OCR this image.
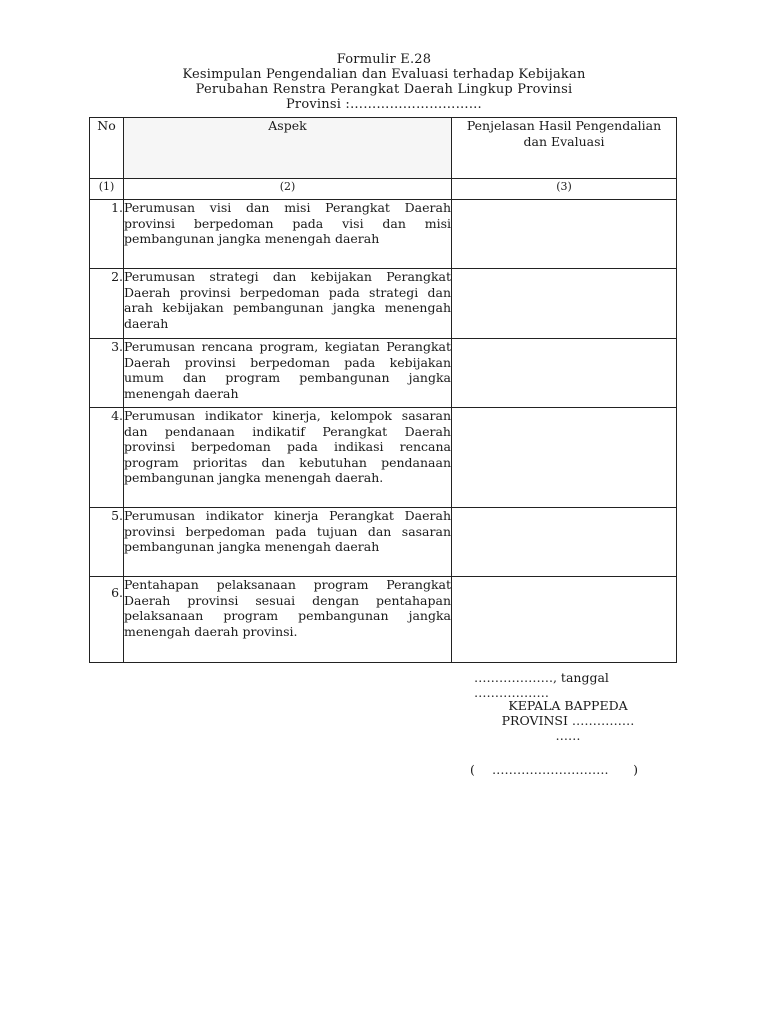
Formulir E.28
Kesimpulan Pengendalian dan Evaluasi terhadap Kebijakan
Perubahan Renstra Perangkat Daerah Lingkup Provinsi
Provinsi :…………………………
No	Aspek	Penjelasan Hasil Pengendalian dan Evaluasi
(1)	(2)	(3)
1.	Perumusan visi dan misi Perangkat Daerah provinsi berpedoman pada visi dan misi pembangunan jangka menengah daerah	
2.	Perumusan strategi dan kebijakan Perangkat Daerah provinsi berpedoman pada strategi dan arah kebijakan pembangunan jangka menengah daerah	
3.	Perumusan rencana program, kegiatan Perangkat Daerah provinsi berpedoman pada kebijakan umum dan program pembangunan jangka menengah daerah	
4.	Perumusan indikator kinerja, kelompok sasaran dan pendanaan indikatif Perangkat Daerah provinsi berpedoman pada indikasi rencana program prioritas dan kebutuhan pendanaan pembangunan jangka menengah daerah.	
5.	Perumusan indikator kinerja Perangkat Daerah provinsi berpedoman pada tujuan dan sasaran pembangunan jangka menengah daerah	
6.	Pentahapan pelaksanaan program Perangkat Daerah provinsi sesuai dengan pentahapan pelaksanaan program pembangunan jangka menengah daerah provinsi.	
………………., tanggal
………………
KEPALA BAPPEDA
PROVINSI ……………
……
( ………………………. )
